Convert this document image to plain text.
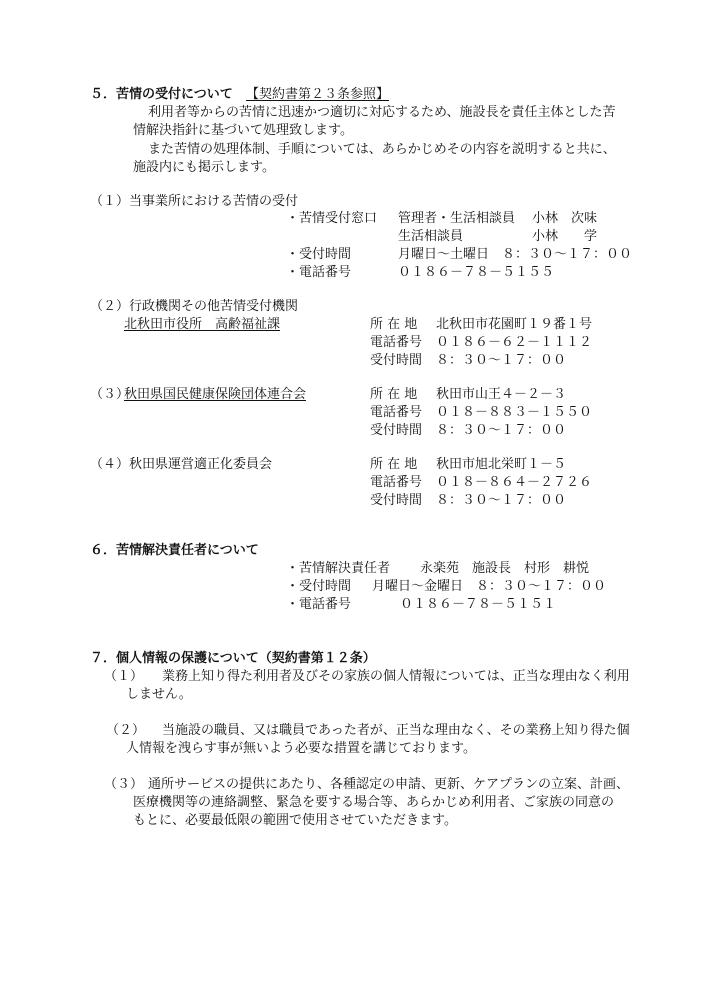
５．苦情の受付について 【契約書第２３条参照】
利用者等からの苦情に迅速かつ適切に対応するため、施設長を責任主体とした苦
情解決指針に基づいて処理致します。
また苦情の処理体制、手順については、あらかじめその内容を説明すると共に、
施設内にも掲示します。
（１）当事業所における苦情の受付
・苦情受付窓口 管理者・生活相談員 小林　次味
生活相談員	小林　　学
・受付時間	月曜日～土曜日　８：３０～１７：００
・電話番号	０１８６－７８－５１５５
（２）行政機関その他苦情受付機関
北秋田市役所　高齢福祉課	所 在 地 北秋田市花園町１９番１号
電話番号 ０１８６－６２－１１１２
受付時間 ８：３０～１７：００
（３）
秋田県国民健康保険団体連合会	所 在 地 秋田市山王４－２－３
電話番号 ０１８－８８３－１５５０
受付時間 ８：３０～１７：００
（４）秋田県運営適正化委員会	所 在 地 秋田市旭北栄町１－５
電話番号 ０１８－８６４－２７２６
受付時間 ８：３０～１７：００
６．苦情解決責任者について
・苦情解決責任者 永楽苑　施設長　村形　耕悦
・受付時間 月曜日～金曜日　８：３０～１７：００
・電話番号	０１８６－７８－５１５１
７．個人情報の保護について（契約書第１２条）
（１） 業務上知り得た利用者及びその家族の個人情報については、正当な理由なく利用
しません。
（２） 当施設の職員、又は職員であった者が、正当な理由なく、その業務上知り得た個
人情報を洩らす事が無いよう必要な措置を講じております。
（３） 通所サービスの提供にあたり、各種認定の申請、更新、ケアプランの立案、計画、
医療機関等の連絡調整、緊急を要する場合等、あらかじめ利用者、ご家族の同意の
もとに、必要最低限の範囲で使用させていただきます。
